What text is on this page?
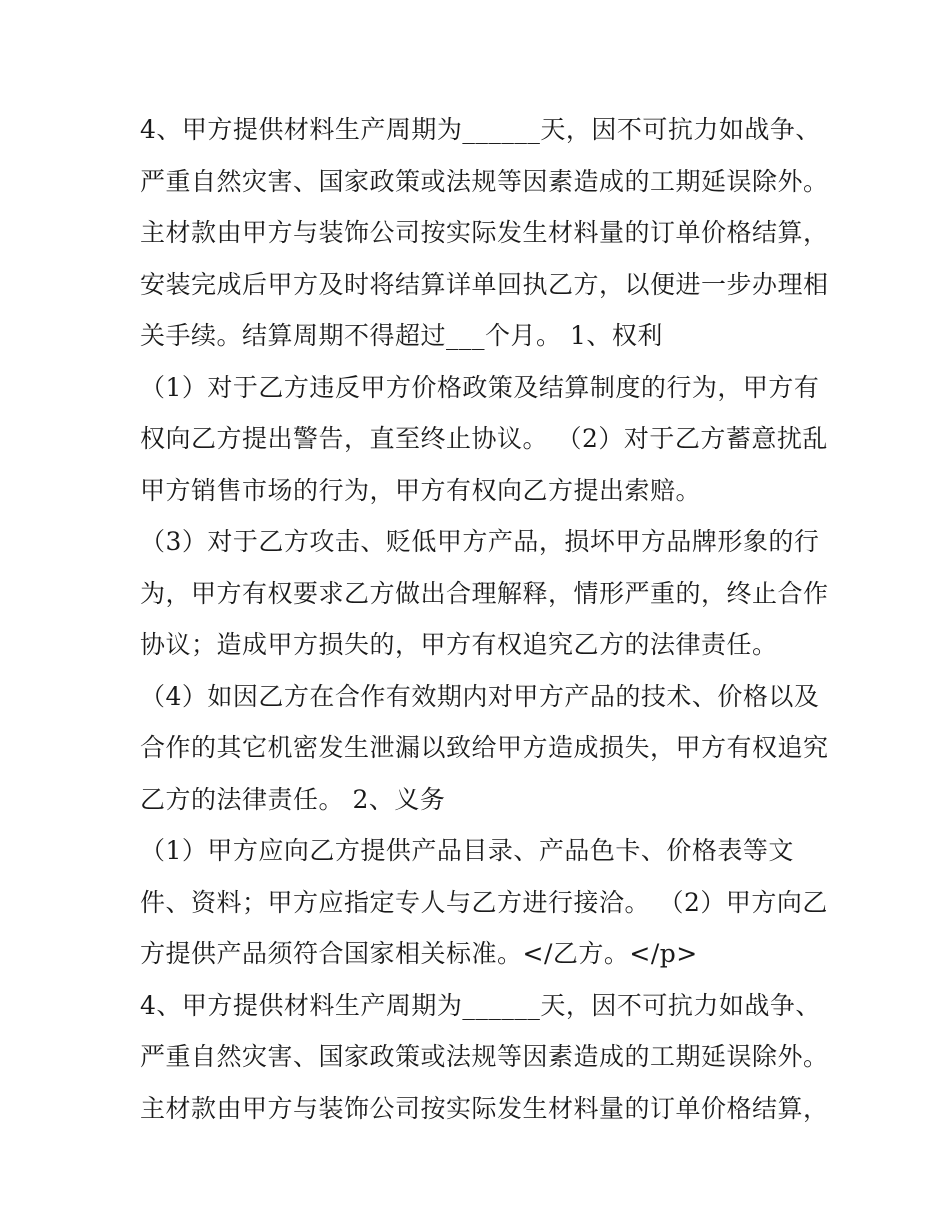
4、甲方提供材料生产周期为______天，因不可抗力如战争、
严重自然灾害、国家政策或法规等因素造成的工期延误除外。
主材款由甲方与装饰公司按实际发生材料量的订单价格结算，
安装完成后甲方及时将结算详单回执乙方，以便进一步办理相
关手续。结算周期不得超过___个月。 1、权利
（1）对于乙方违反甲方价格政策及结算制度的行为，甲方有
权向乙方提出警告，直至终止协议。 （2）对于乙方蓄意扰乱
甲方销售市场的行为，甲方有权向乙方提出索赔。
（3）对于乙方攻击、贬低甲方产品，损坏甲方品牌形象的行
为，甲方有权要求乙方做出合理解释，情形严重的，终止合作
协议；造成甲方损失的，甲方有权追究乙方的法律责任。
（4）如因乙方在合作有效期内对甲方产品的技术、价格以及
合作的其它机密发生泄漏以致给甲方造成损失，甲方有权追究
乙方的法律责任。 2、义务
（1）甲方应向乙方提供产品目录、产品色卡、价格表等文
件、资料；甲方应指定专人与乙方进行接洽。 （2）甲方向乙
方提供产品须符合国家相关标准。</乙方。</p>
4、甲方提供材料生产周期为______天，因不可抗力如战争、
严重自然灾害、国家政策或法规等因素造成的工期延误除外。
主材款由甲方与装饰公司按实际发生材料量的订单价格结算，
